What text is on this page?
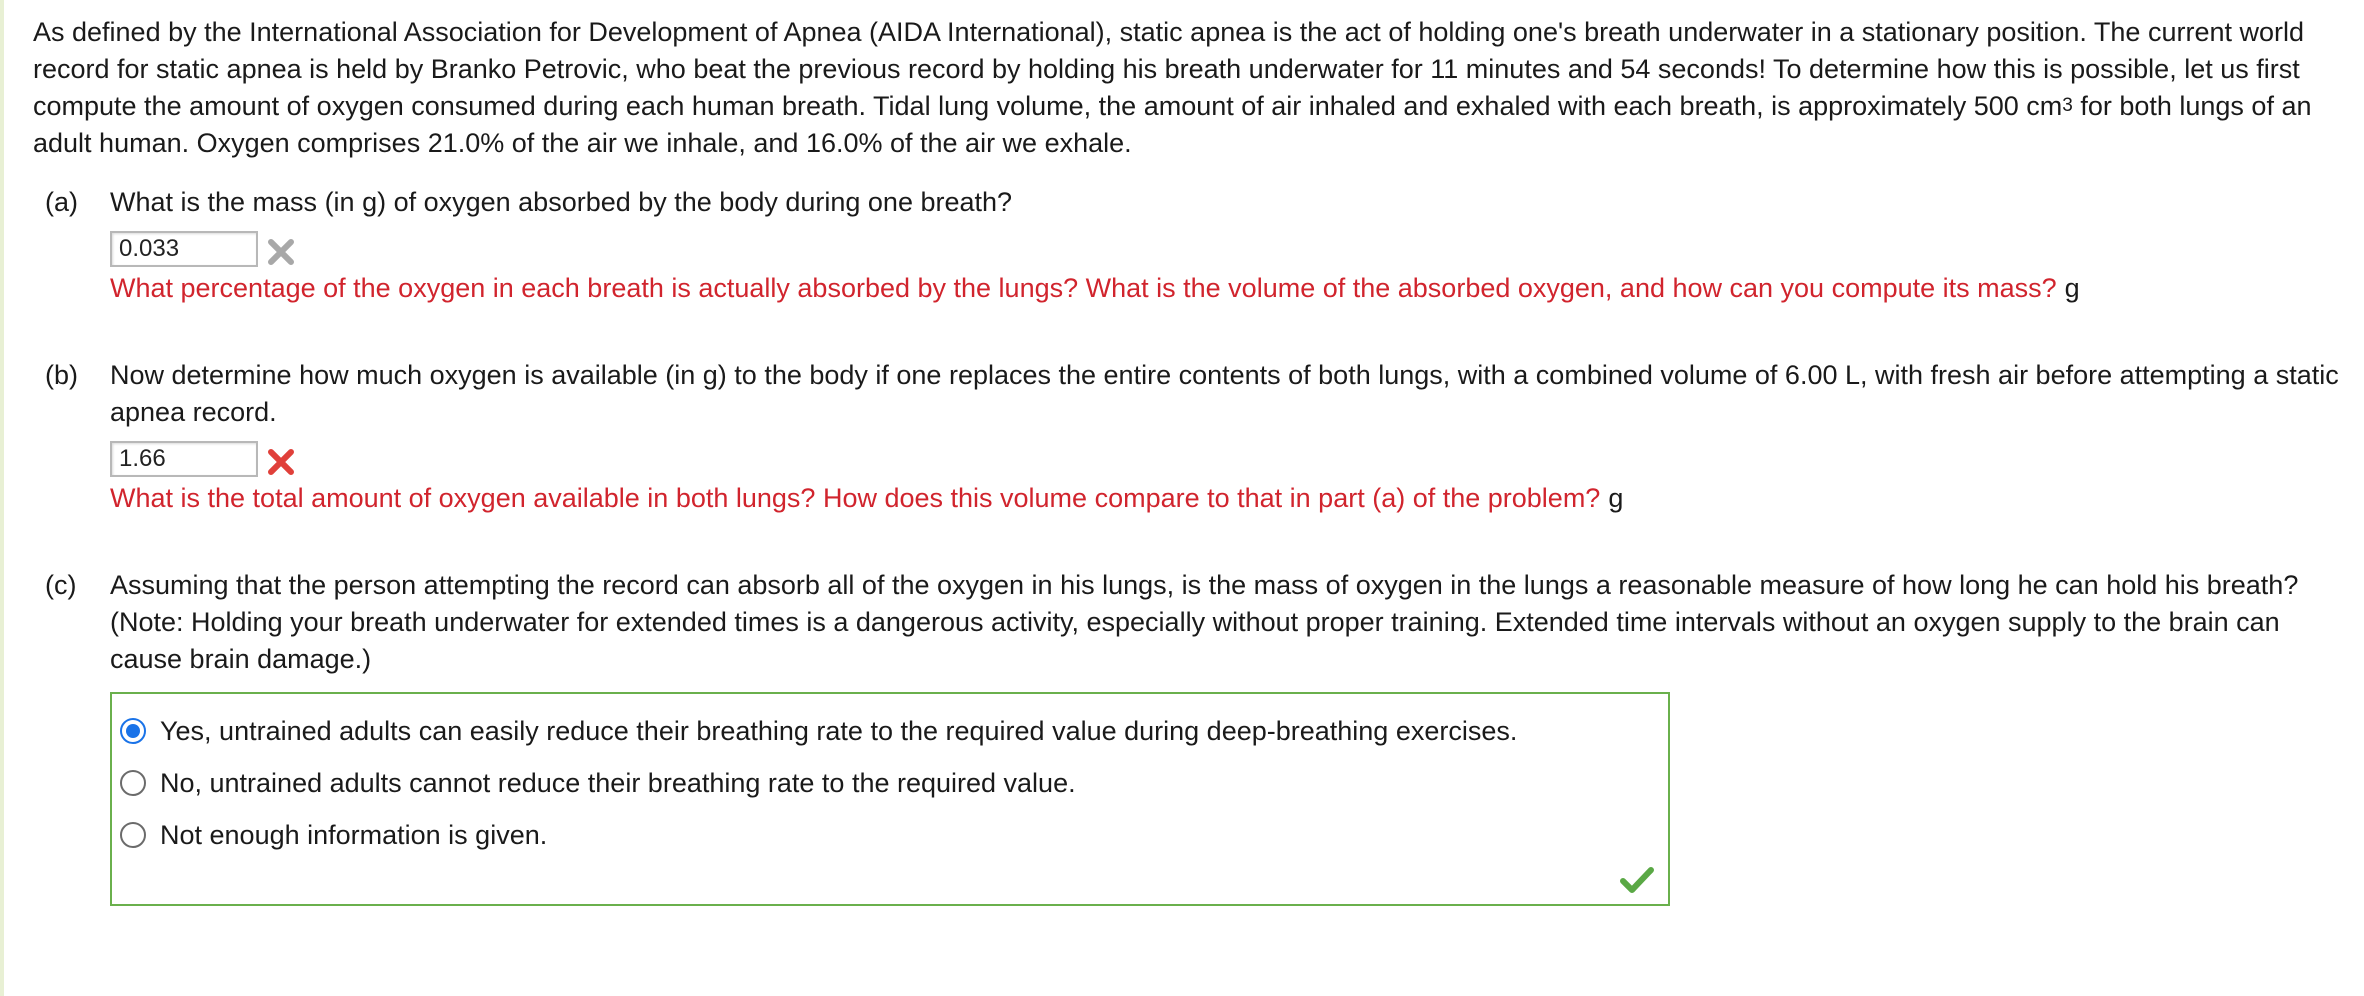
As defined by the International Association for Development of Apnea (AIDA International), static apnea is the act of holding one's breath underwater in a stationary position. The current world record for static apnea is held by Branko Petrovic, who beat the previous record by holding his breath underwater for 11 minutes and 54 seconds! To determine how this is possible, let us first compute the amount of oxygen consumed during each human breath. Tidal lung volume, the amount of air inhaled and exhaled with each breath, is approximately 500 $cm^3$ for both lungs of an adult human. Oxygen comprises 21.0% of the air we inhale, and 16.0% of the air we exhale.

(a) What is the mass (in g) of oxygen absorbed by the body during one breath?
0.033
What percentage of the oxygen in each breath is actually absorbed by the lungs? What is the volume of the absorbed oxygen, and how can you compute its mass? g
(b) Now determine how much oxygen is available (in g) to the body if one replaces the entire contents of both lungs, with a combined volume of 6.00 L, with fresh air before attempting a static apnea record.
1.66
What is the total amount of oxygen available in both lungs? How does this volume compare to that in part (a) of the problem? g
(c) Assuming that the person attempting the record can absorb all of the oxygen in his lungs, is the mass of oxygen in the lungs a reasonable measure of how long he can hold his breath? (Note: Holding your breath underwater for extended times is a dangerous activity, especially without proper training. Extended time intervals without an oxygen supply to the brain can cause brain damage.)
Yes, untrained adults can easily reduce their breathing rate to the required value during deep-breathing exercises.
No, untrained adults cannot reduce their breathing rate to the required value.
Not enough information is given.
